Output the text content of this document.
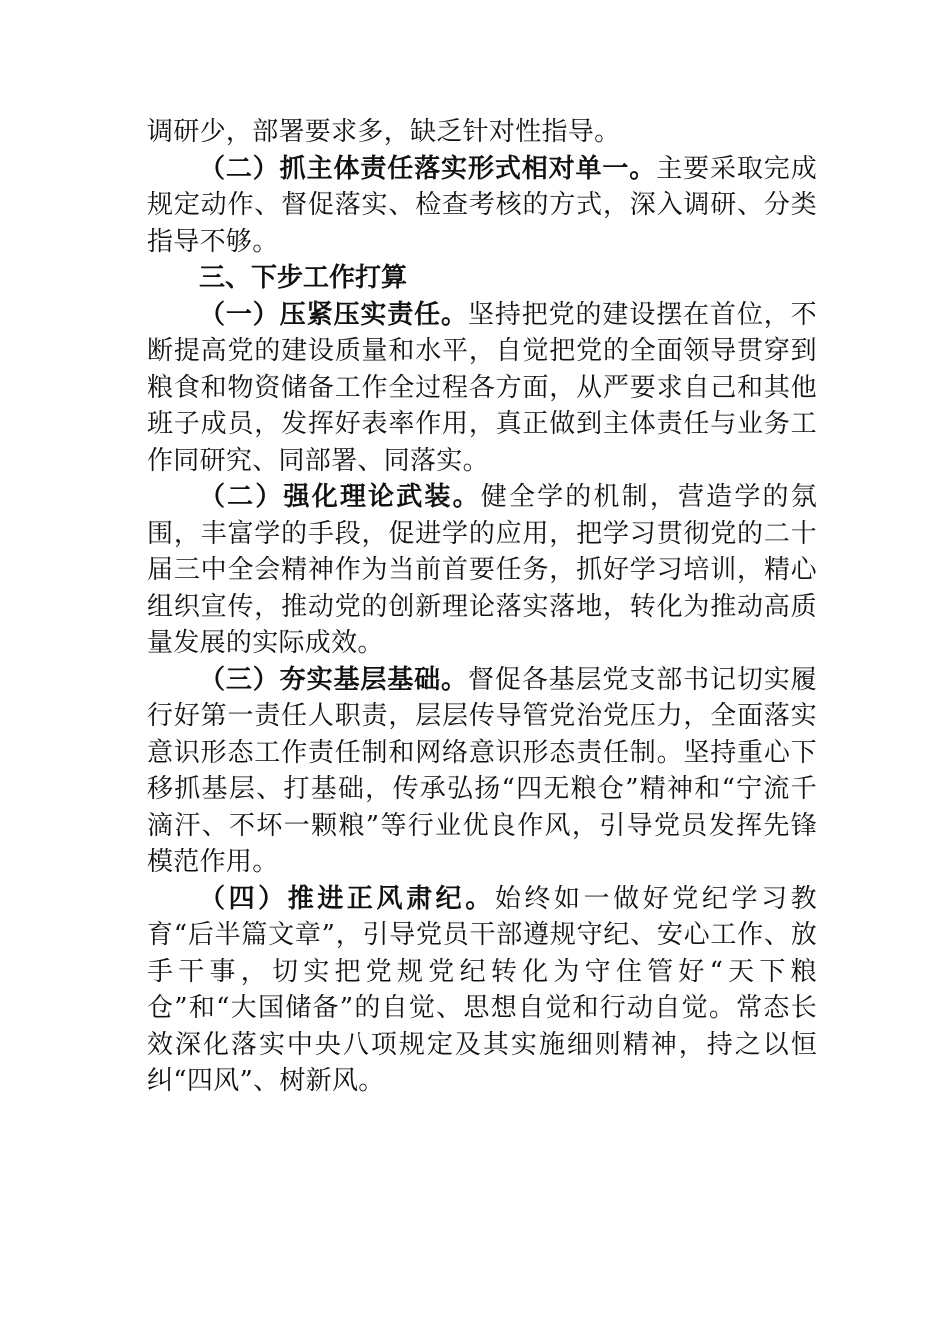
调研少，部署要求多，缺乏针对性指导。

（二）抓主体责任落实形式相对单一。主要采取完成规定动作、督促落实、检查考核的方式，深入调研、分类指导不够。

三、下步工作打算

（一）压紧压实责任。坚持把党的建设摆在首位，不断提高党的建设质量和水平，自觉把党的全面领导贯穿到粮食和物资储备工作全过程各方面，从严要求自己和其他班子成员，发挥好表率作用，真正做到主体责任与业务工作同研究、同部署、同落实。

（二）强化理论武装。健全学的机制，营造学的氛围，丰富学的手段，促进学的应用，把学习贯彻党的二十届三中全会精神作为当前首要任务，抓好学习培训，精心组织宣传，推动党的创新理论落实落地，转化为推动高质量发展的实际成效。

（三）夯实基层基础。督促各基层党支部书记切实履行好第一责任人职责，层层传导管党治党压力，全面落实意识形态工作责任制和网络意识形态责任制。坚持重心下移抓基层、打基础，传承弘扬“四无粮仓”精神和“宁流千滴汗、不坏一颗粮”等行业优良作风，引导党员发挥先锋模范作用。

（四）推进正风肃纪。始终如一做好党纪学习教育“后半篇文章”，引导党员干部遵规守纪、安心工作、放手干事，切实把党规党纪转化为守住管好“天下粮仓”和“大国储备”的自觉、思想自觉和行动自觉。常态长效深化落实中央八项规定及其实施细则精神，持之以恒纠“四风”、树新风。
